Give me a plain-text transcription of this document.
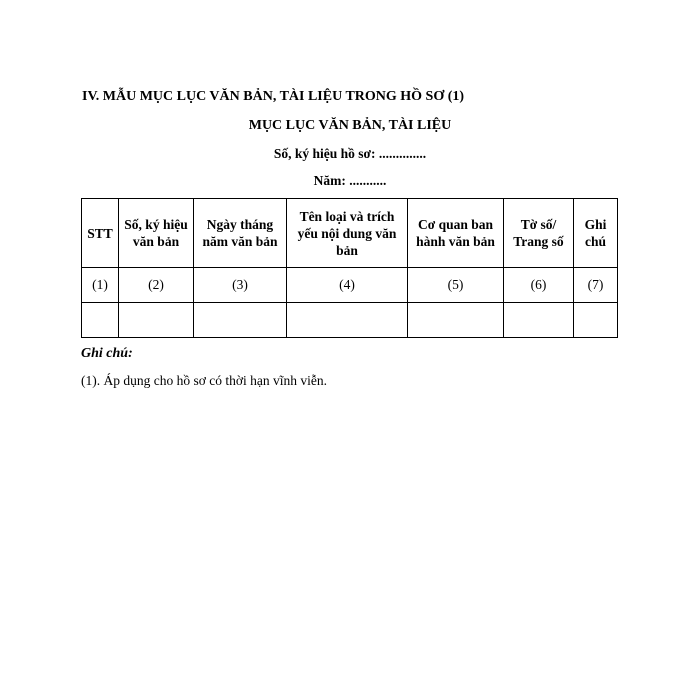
IV. MẪU MỤC LỤC VĂN BẢN, TÀI LIỆU TRONG HỒ SƠ (1)
MỤC LỤC VĂN BẢN, TÀI LIỆU
Số, ký hiệu hồ sơ: ..............
Năm: ...........
STT	Số, ký hiệu văn bản	Ngày tháng năm văn bản	Tên loại và trích yếu nội dung văn bản	Cơ quan ban hành văn bản	Tờ số/ Trang số	Ghi chú
(1)	(2)	(3)	(4)	(5)	(6)	(7)

Ghi chú:
(1). Áp dụng cho hồ sơ có thời hạn vĩnh viễn.
